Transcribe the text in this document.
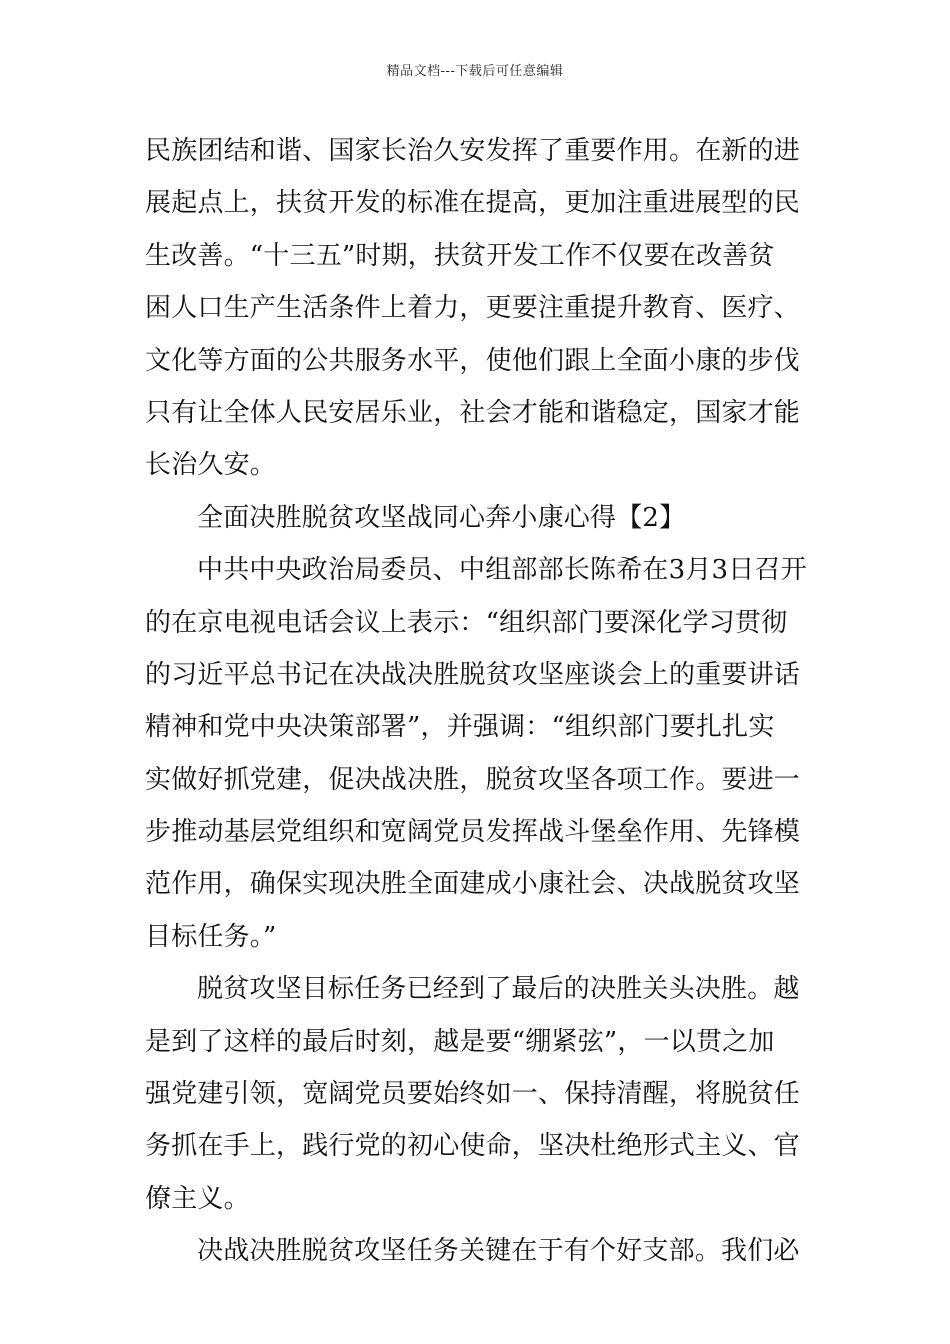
精品文档---下载后可任意编辑
民族团结和谐、国家长治久安发挥了重要作用。在新的进
展起点上，扶贫开发的标准在提高，更加注重进展型的民
生改善。“十三五”时期，扶贫开发工作不仅要在改善贫
困人口生产生活条件上着力，更要注重提升教育、医疗、
文化等方面的公共服务水平，使他们跟上全面小康的步伐
只有让全体人民安居乐业，社会才能和谐稳定，国家才能
长治久安。
全面决胜脱贫攻坚战同心奔小康心得【2】
中共中央政治局委员、中组部部长陈希在3月3日召开
的在京电视电话会议上表示：“组织部门要深化学习贯彻
的习近平总书记在决战决胜脱贫攻坚座谈会上的重要讲话
精神和党中央决策部署”，并强调：“组织部门要扎扎实
实做好抓党建，促决战决胜，脱贫攻坚各项工作。要进一
步推动基层党组织和宽阔党员发挥战斗堡垒作用、先锋模
范作用，确保实现决胜全面建成小康社会、决战脱贫攻坚
目标任务。”
脱贫攻坚目标任务已经到了最后的决胜关头决胜。越
是到了这样的最后时刻，越是要“绷紧弦”，一以贯之加
强党建引领，宽阔党员要始终如一、保持清醒，将脱贫任
务抓在手上，践行党的初心使命，坚决杜绝形式主义、官
僚主义。
决战决胜脱贫攻坚任务关键在于有个好支部。我们必
